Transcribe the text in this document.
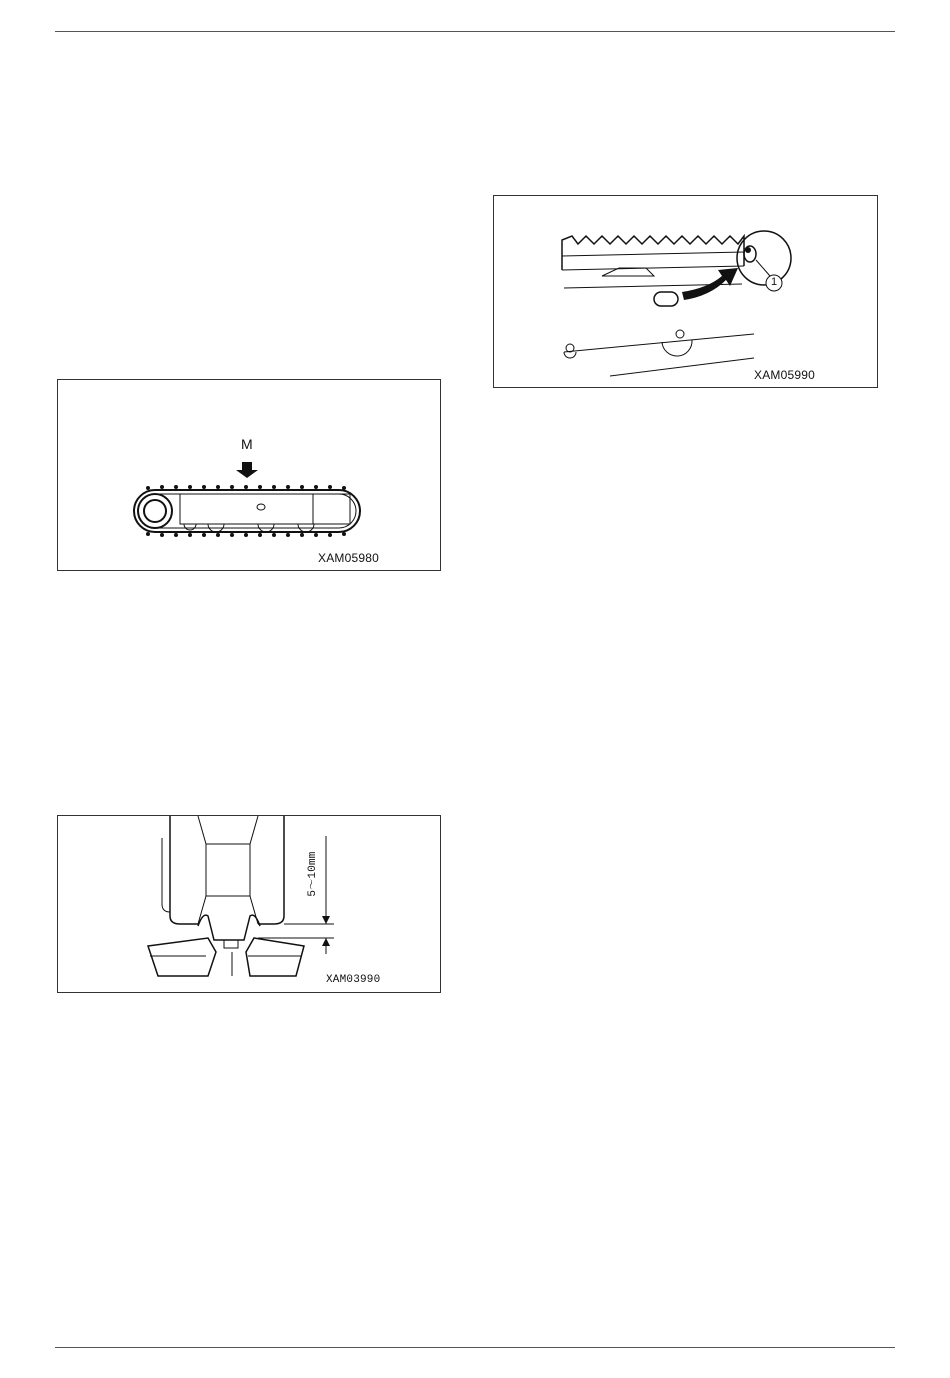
M
XAM05980
1
XAM05990
5～10mm
XAM03990
